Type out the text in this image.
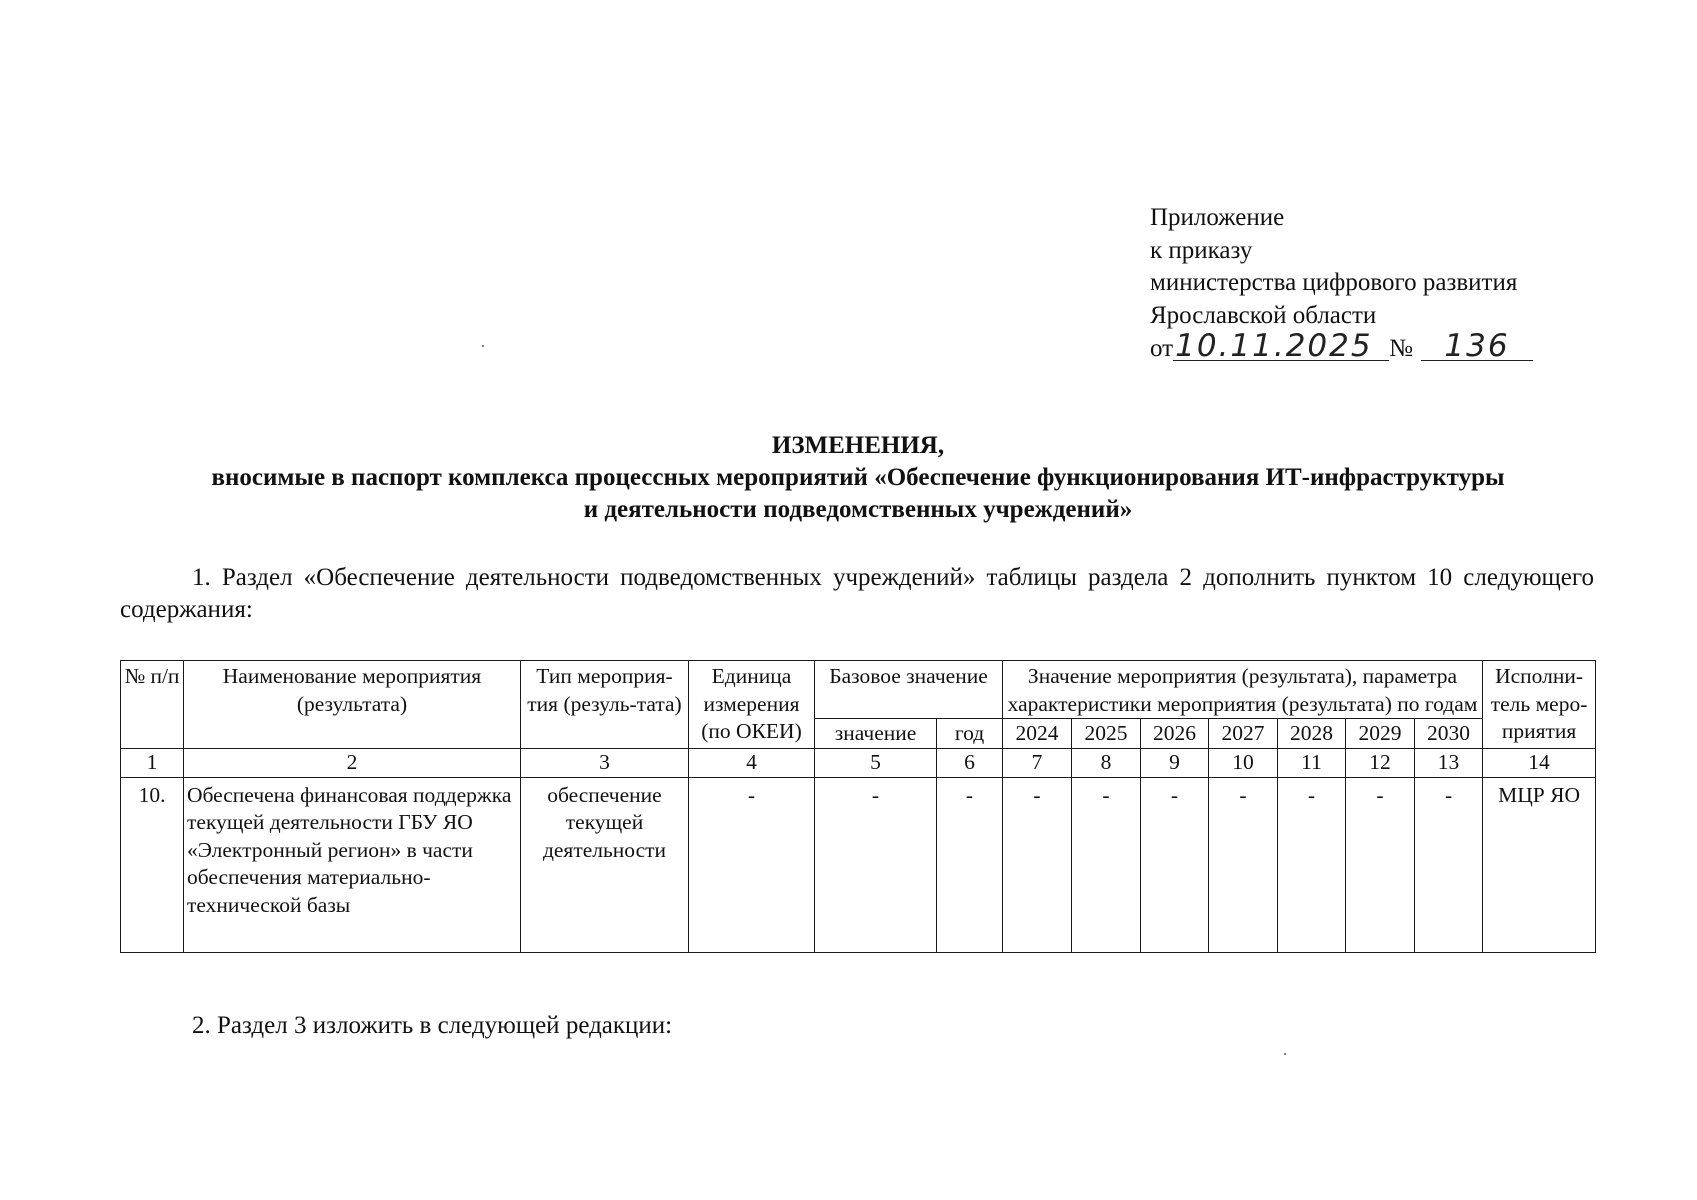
Приложение
к приказу
министерства цифрового развития
Ярославской области
от10.11.2025 № 136
ИЗМЕНЕНИЯ,
вносимые в паспорт комплекса процессных мероприятий «Обеспечение функционирования ИТ-инфраструктуры
и деятельности подведомственных учреждений»
1. Раздел «Обеспечение деятельности подведомственных учреждений» таблицы раздела 2 дополнить пунктом 10 следующего содержания:
№ п/п	Наименование мероприятия (результата)	Тип мероприя-тия (резуль-тата)	Единица измерения (по ОКЕИ)	Базовое значение		Значение мероприятия (результата), параметра характеристики мероприятия (результата) по годам							Исполни-тель меро-приятия
				значение	год	2024	2025	2026	2027	2028	2029	2030	
1	2	3	4	5	6	7	8	9	10	11	12	13	14
10.	Обеспечена финансовая поддержка текущей деятельности ГБУ ЯО «Электронный регион» в части обеспечения материально-технической базы	обеспечение текущей деятельности	-	-	-	-	-	-	-	-	-	-	МЦР ЯО
2. Раздел 3 изложить в следующей редакции:
